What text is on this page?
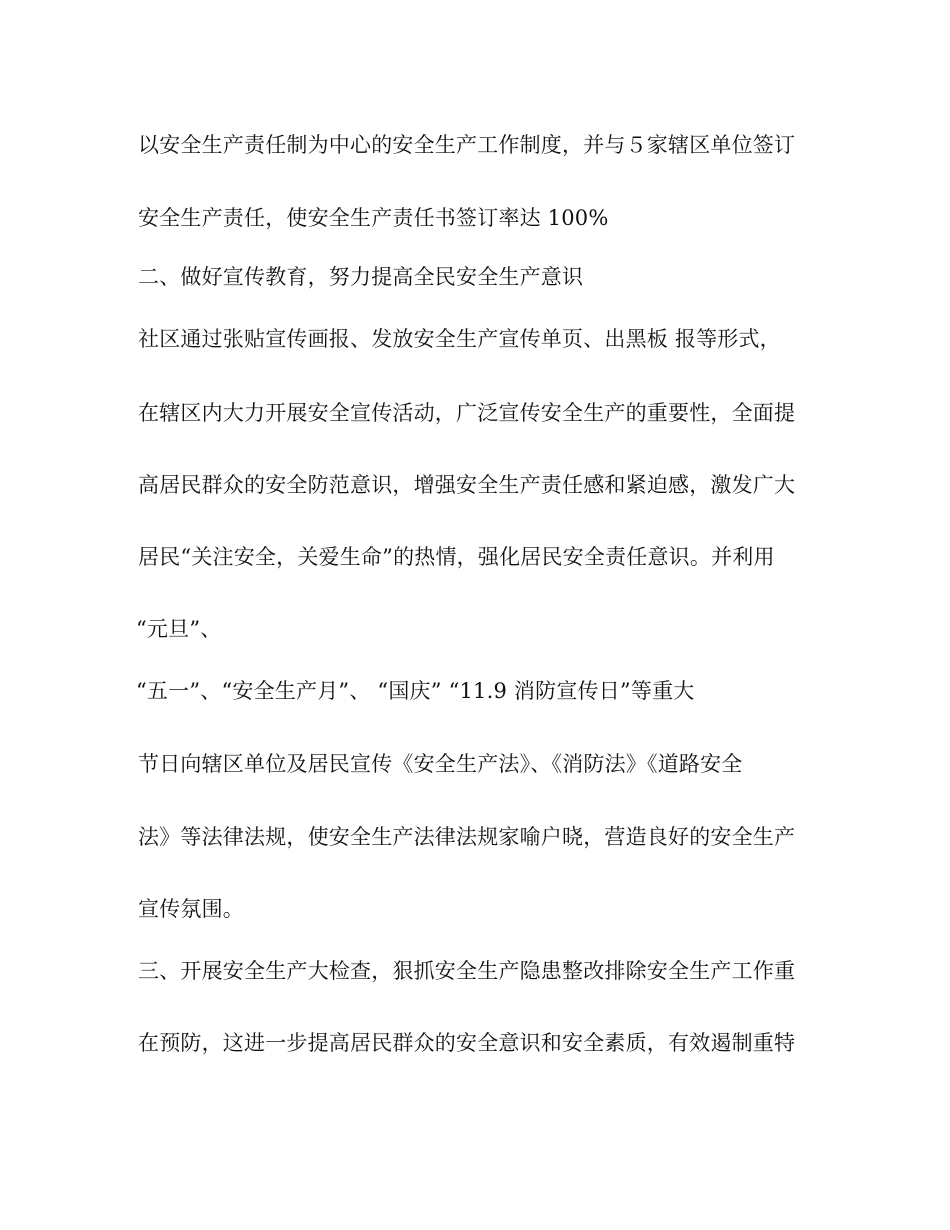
以安全生产责任制为中心的安全生产工作制度，并与５家辖区单位签订
安全生产责任，使安全生产责任书签订率达 100%
二、做好宣传教育，努力提高全民安全生产意识
社区通过张贴宣传画报、发放安全生产宣传单页、出黑板 报等形式，
在辖区内大力开展安全宣传活动，广泛宣传安全生产的重要性，全面提
高居民群众的安全防范意识，增强安全生产责任感和紧迫感，激发广大
居民“关注安全，关爱生命”的热情，强化居民安全责任意识。并利用
“元旦”、
“五一”、“安全生产月”、 “国庆” “11.9 消防宣传日”等重大
节日向辖区单位及居民宣传《安全生产法》、《消防法》《道路安全
法》等法律法规，使安全生产法律法规家喻户晓，营造良好的安全生产
宣传氛围。
三、开展安全生产大检查，狠抓安全生产隐患整改排除安全生产工作重
在预防，这进一步提高居民群众的安全意识和安全素质，有效遏制重特
